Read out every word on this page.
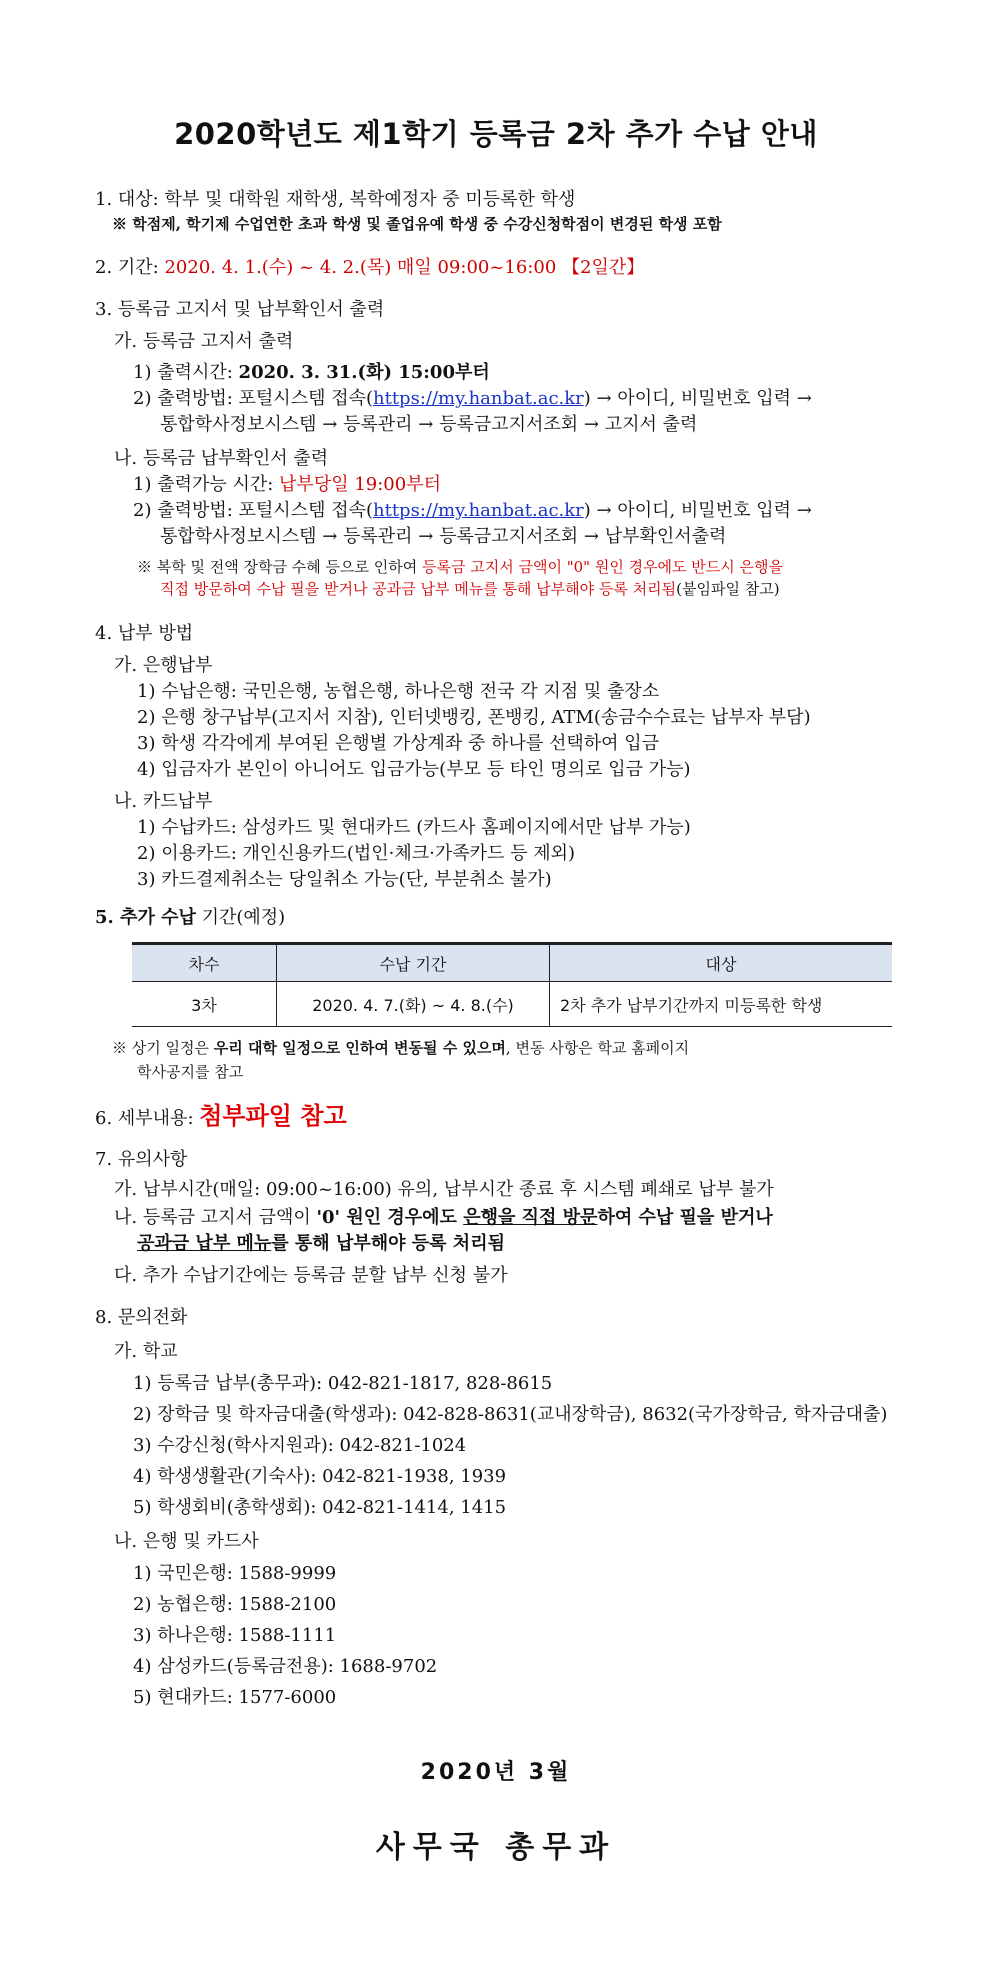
2020학년도 제1학기 등록금 2차 추가 수납 안내
1. 대상: 학부 및 대학원 재학생, 복학예정자 중 미등록한 학생
※ 학점제, 학기제 수업연한 초과 학생 및 졸업유예 학생 중 수강신청학점이 변경된 학생 포함
2. 기간: 2020. 4. 1.(수) ~ 4. 2.(목) 매일 09:00~16:00 【2일간】
3. 등록금 고지서 및 납부확인서 출력
가. 등록금 고지서 출력
1) 출력시간: 2020. 3. 31.(화) 15:00부터
2) 출력방법: 포털시스템 접속(https://my.hanbat.ac.kr) → 아이디, 비밀번호 입력 →
통합학사정보시스템 → 등록관리 → 등록금고지서조회 → 고지서 출력
나. 등록금 납부확인서 출력
1) 출력가능 시간: 납부당일 19:00부터
2) 출력방법: 포털시스템 접속(https://my.hanbat.ac.kr) → 아이디, 비밀번호 입력 →
통합학사정보시스템 → 등록관리 → 등록금고지서조회 → 납부확인서출력
※ 복학 및 전액 장학금 수혜 등으로 인하여 등록금 고지서 금액이 "0" 원인 경우에도 반드시 은행을
직접 방문하여 수납 필을 받거나 공과금 납부 메뉴를 통해 납부해야 등록 처리됨(붙임파일 참고)
4. 납부 방법
가. 은행납부
1) 수납은행: 국민은행, 농협은행, 하나은행 전국 각 지점 및 출장소
2) 은행 창구납부(고지서 지참), 인터넷뱅킹, 폰뱅킹, ATM(송금수수료는 납부자 부담)
3) 학생 각각에게 부여된 은행별 가상계좌 중 하나를 선택하여 입금
4) 입금자가 본인이 아니어도 입금가능(부모 등 타인 명의로 입금 가능)
나. 카드납부
1) 수납카드: 삼성카드 및 현대카드 (카드사 홈페이지에서만 납부 가능)
2) 이용카드: 개인신용카드(법인·체크·가족카드 등 제외)
3) 카드결제취소는 당일취소 가능(단, 부분취소 불가)
5. 추가 수납 기간(예정)
차수	수납 기간	대상
3차	2020. 4. 7.(화) ~ 4. 8.(수)	2차 추가 납부기간까지 미등록한 학생
※ 상기 일정은 우리 대학 일정으로 인하여 변동될 수 있으며, 변동 사항은 학교 홈페이지
학사공지를 참고
6. 세부내용: 첨부파일 참고
7. 유의사항
가. 납부시간(매일: 09:00~16:00) 유의, 납부시간 종료 후 시스템 폐쇄로 납부 불가
나. 등록금 고지서 금액이 '0' 원인 경우에도 은행을 직접 방문하여 수납 필을 받거나
공과금 납부 메뉴를 통해 납부해야 등록 처리됨
다. 추가 수납기간에는 등록금 분할 납부 신청 불가
8. 문의전화
가. 학교
1) 등록금 납부(총무과): 042-821-1817, 828-8615
2) 장학금 및 학자금대출(학생과): 042-828-8631(교내장학금), 8632(국가장학금, 학자금대출)
3) 수강신청(학사지원과): 042-821-1024
4) 학생생활관(기숙사): 042-821-1938, 1939
5) 학생회비(총학생회): 042-821-1414, 1415
나. 은행 및 카드사
1) 국민은행: 1588-9999
2) 농협은행: 1588-2100
3) 하나은행: 1588-1111
4) 삼성카드(등록금전용): 1688-9702
5) 현대카드: 1577-6000
2020년 3월
사무국 총무과
